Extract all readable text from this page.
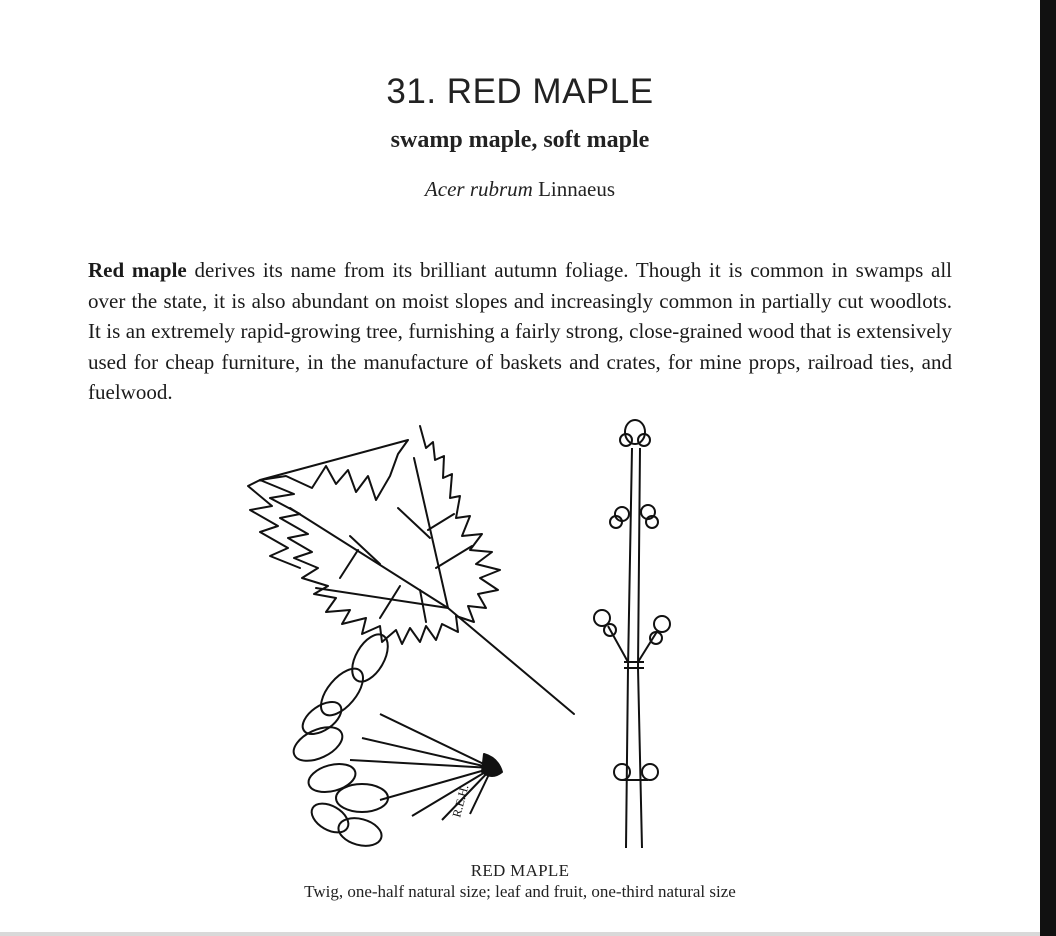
31. RED MAPLE
swamp maple, soft maple
Acer rubrum Linnaeus
Red maple derives its name from its brilliant autumn foliage. Though it is common in swamps all over the state, it is also abundant on moist slopes and increasingly common in partially cut woodlots. It is an extremely rapid-growing tree, furnishing a fairly strong, close-grained wood that is extensively used for cheap furniture, in the manufacture of baskets and crates, for mine props, railroad ties, and fuelwood.
R.E.H.
RED MAPLE
Twig, one-half natural size; leaf and fruit, one-third natural size
